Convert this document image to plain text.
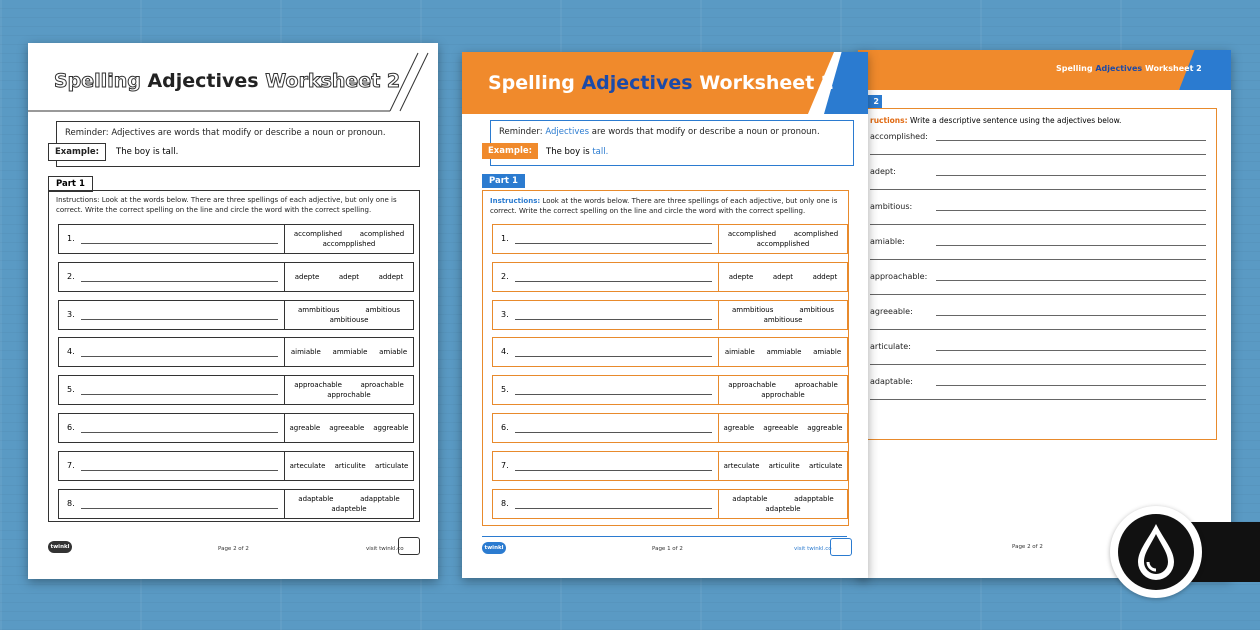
Spelling Adjectives Worksheet 2
Reminder: Adjectives are words that modify or describe a noun or pronoun.
Example:	The boy is tall.
Part 1
Instructions: Look at the words below. There are three spellings of each adjective, but only one is correct. Write the correct spelling on the line and circle the word with the correct spelling.
1.	accomplished	acomplished
accompplished
2.	adepte	adept	addept
3.	ammbitious	ambitious
ambitiouse
4.	aimiable	ammiable	amiable
5.	approachable	aproachable
approchable
6.	agreable	agreeable	aggreable
7.	arteculate	articulite	articulate
8.	adaptable	adapptable
adapteble
twinkl	Page 2 of 2	visit twinkl.co
Spelling Adjectives Worksheet 2
2
ructions: Write a descriptive sentence using the adjectives below.
accomplished:
adept:
ambitious:
amiable:
approachable:
agreeable:
articulate:
adaptable:
Page 2 of 2
Spelling Adjectives Worksheet 2
Reminder: Adjectives are words that modify or describe a noun or pronoun.
Example:	The boy is tall.
Part 1
Instructions: Look at the words below. There are three spellings of each adjective, but only one is correct. Write the correct spelling on the line and circle the word with the correct spelling.
1.	accomplished	acomplished
accompplished
2.	adepte	adept	addept
3.	ammbitious	ambitious
ambitiouse
4.	aimiable	ammiable	amiable
5.	approachable	aproachable
approchable
6.	agreable	agreeable	aggreable
7.	arteculate	articulite	articulate
8.	adaptable	adapptable
adapteble
twinkl	Page 1 of 2	visit twinkl.co
